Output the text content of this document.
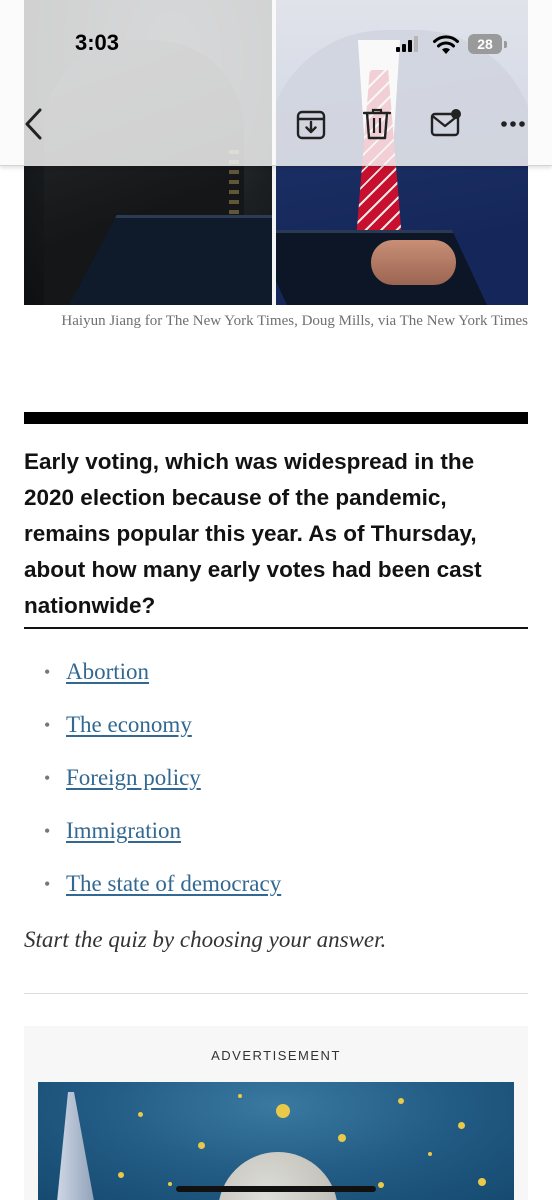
3:03	28
Haiyun Jiang for The New York Times, Doug Mills, via The New York Times

Early voting, which was widespread in the 2020 election because of the pandemic, remains popular this year. As of Thursday, about how many early votes had been cast nationwide?

• Abortion
• The economy
• Foreign policy
• Immigration
• The state of democracy
Start the quiz by choosing your answer.
ADVERTISEMENT
